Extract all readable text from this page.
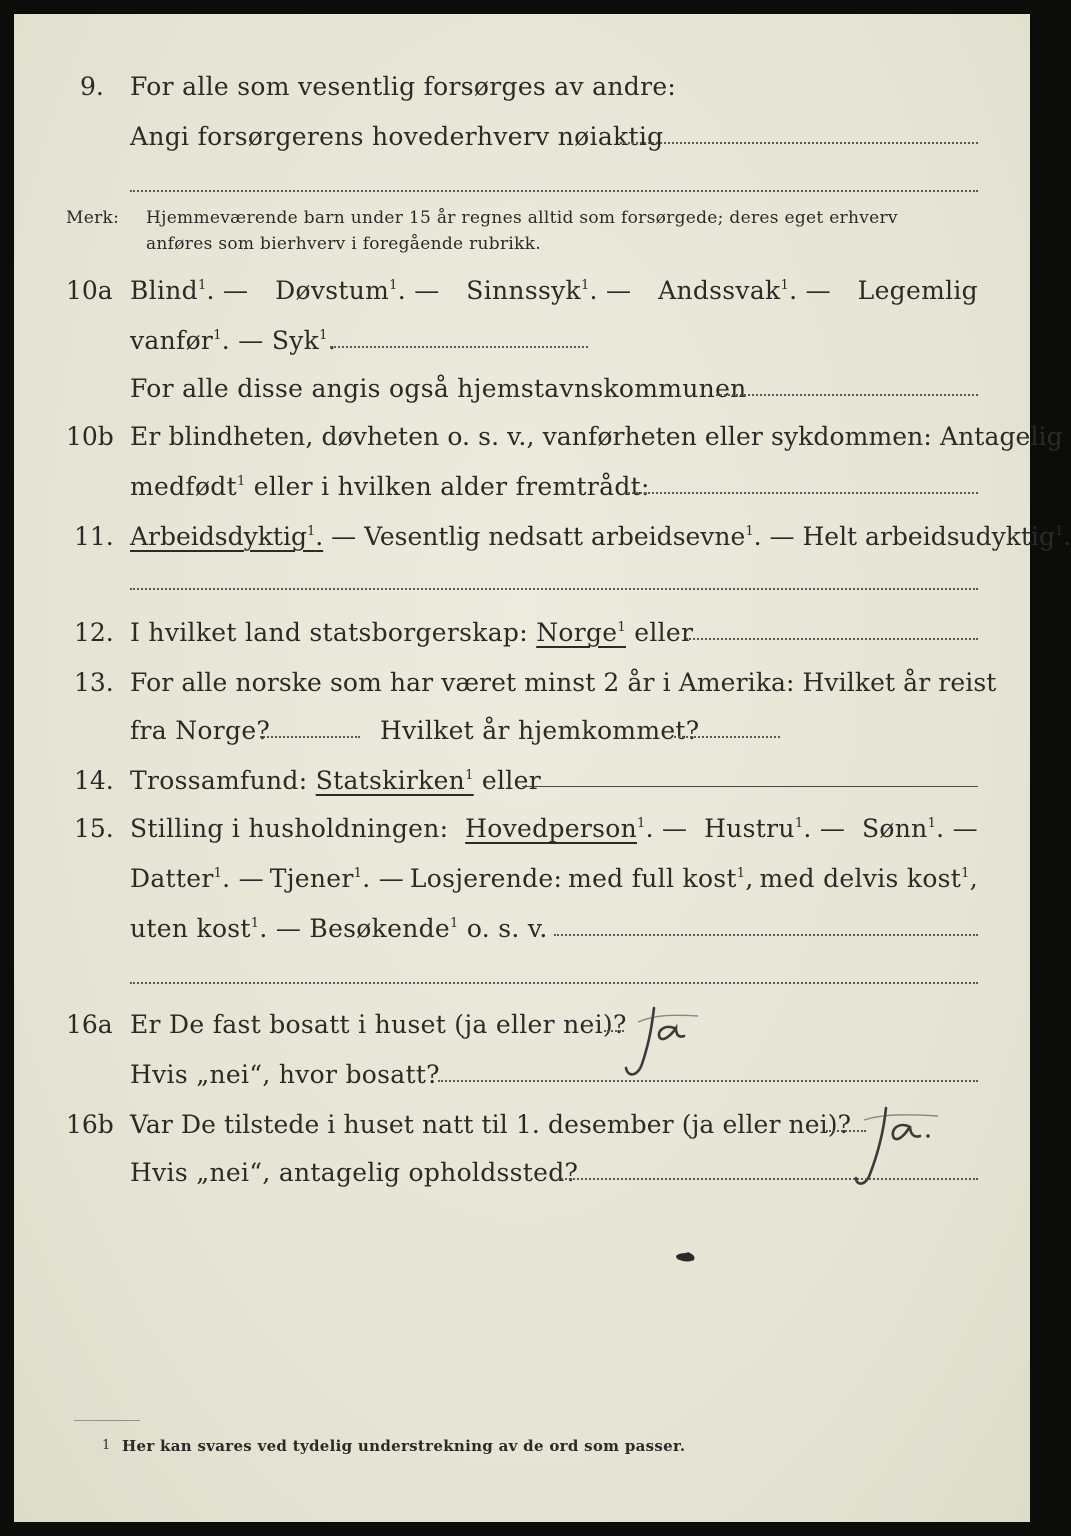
9. For alle som vesentlig forsørges av andre:
Angi forsørgerens hovederhverv nøiaktig
Merk: Hjemmeværende barn under 15 år regnes alltid som forsørgede; deres eget erhverv
anføres som bierhverv i foregående rubrikk.
10a Blind$^1$. — Døvstum$^1$. — Sinnssyk$^1$. — Andssvak$^1$. — Legemlig
vanfør$^1$. — Syk$^1$.
For alle disse angis også hjemstavnskommunen
10b Er blindheten, døvheten o. s. v., vanførheten eller sykdommen: Antagelig
medfødt$^1$ eller i hvilken alder fremtrådt:
11. Arbeidsdyktig$^1$. — Vesentlig nedsatt arbeidsevne$^1$. — Helt arbeidsudyktig$^1$.
12. I hvilket land statsborgerskap: Norge$^1$ eller
13. For alle norske som har været minst 2 år i Amerika: Hvilket år reist
fra Norge?	Hvilket år hjemkommet?
14. Trossamfund: Statskirken$^1$ eller
15. Stilling i husholdningen: Hovedperson$^1$. — Hustru$^1$. — Sønn$^1$. —
Datter$^1$. — Tjener$^1$. — Losjerende: med full kost$^1$, med delvis kost$^1$,
uten kost$^1$. — Besøkende$^1$ o. s. v.
16a Er De fast bosatt i huset (ja eller nei)?
ja
Hvis „nei“, hvor bosatt?
16b Var De tilstede i huset natt til 1. desember (ja eller nei)?
ja.
Hvis „nei“, antagelig opholdssted?
1 Her kan svares ved tydelig understrekning av de ord som passer.
